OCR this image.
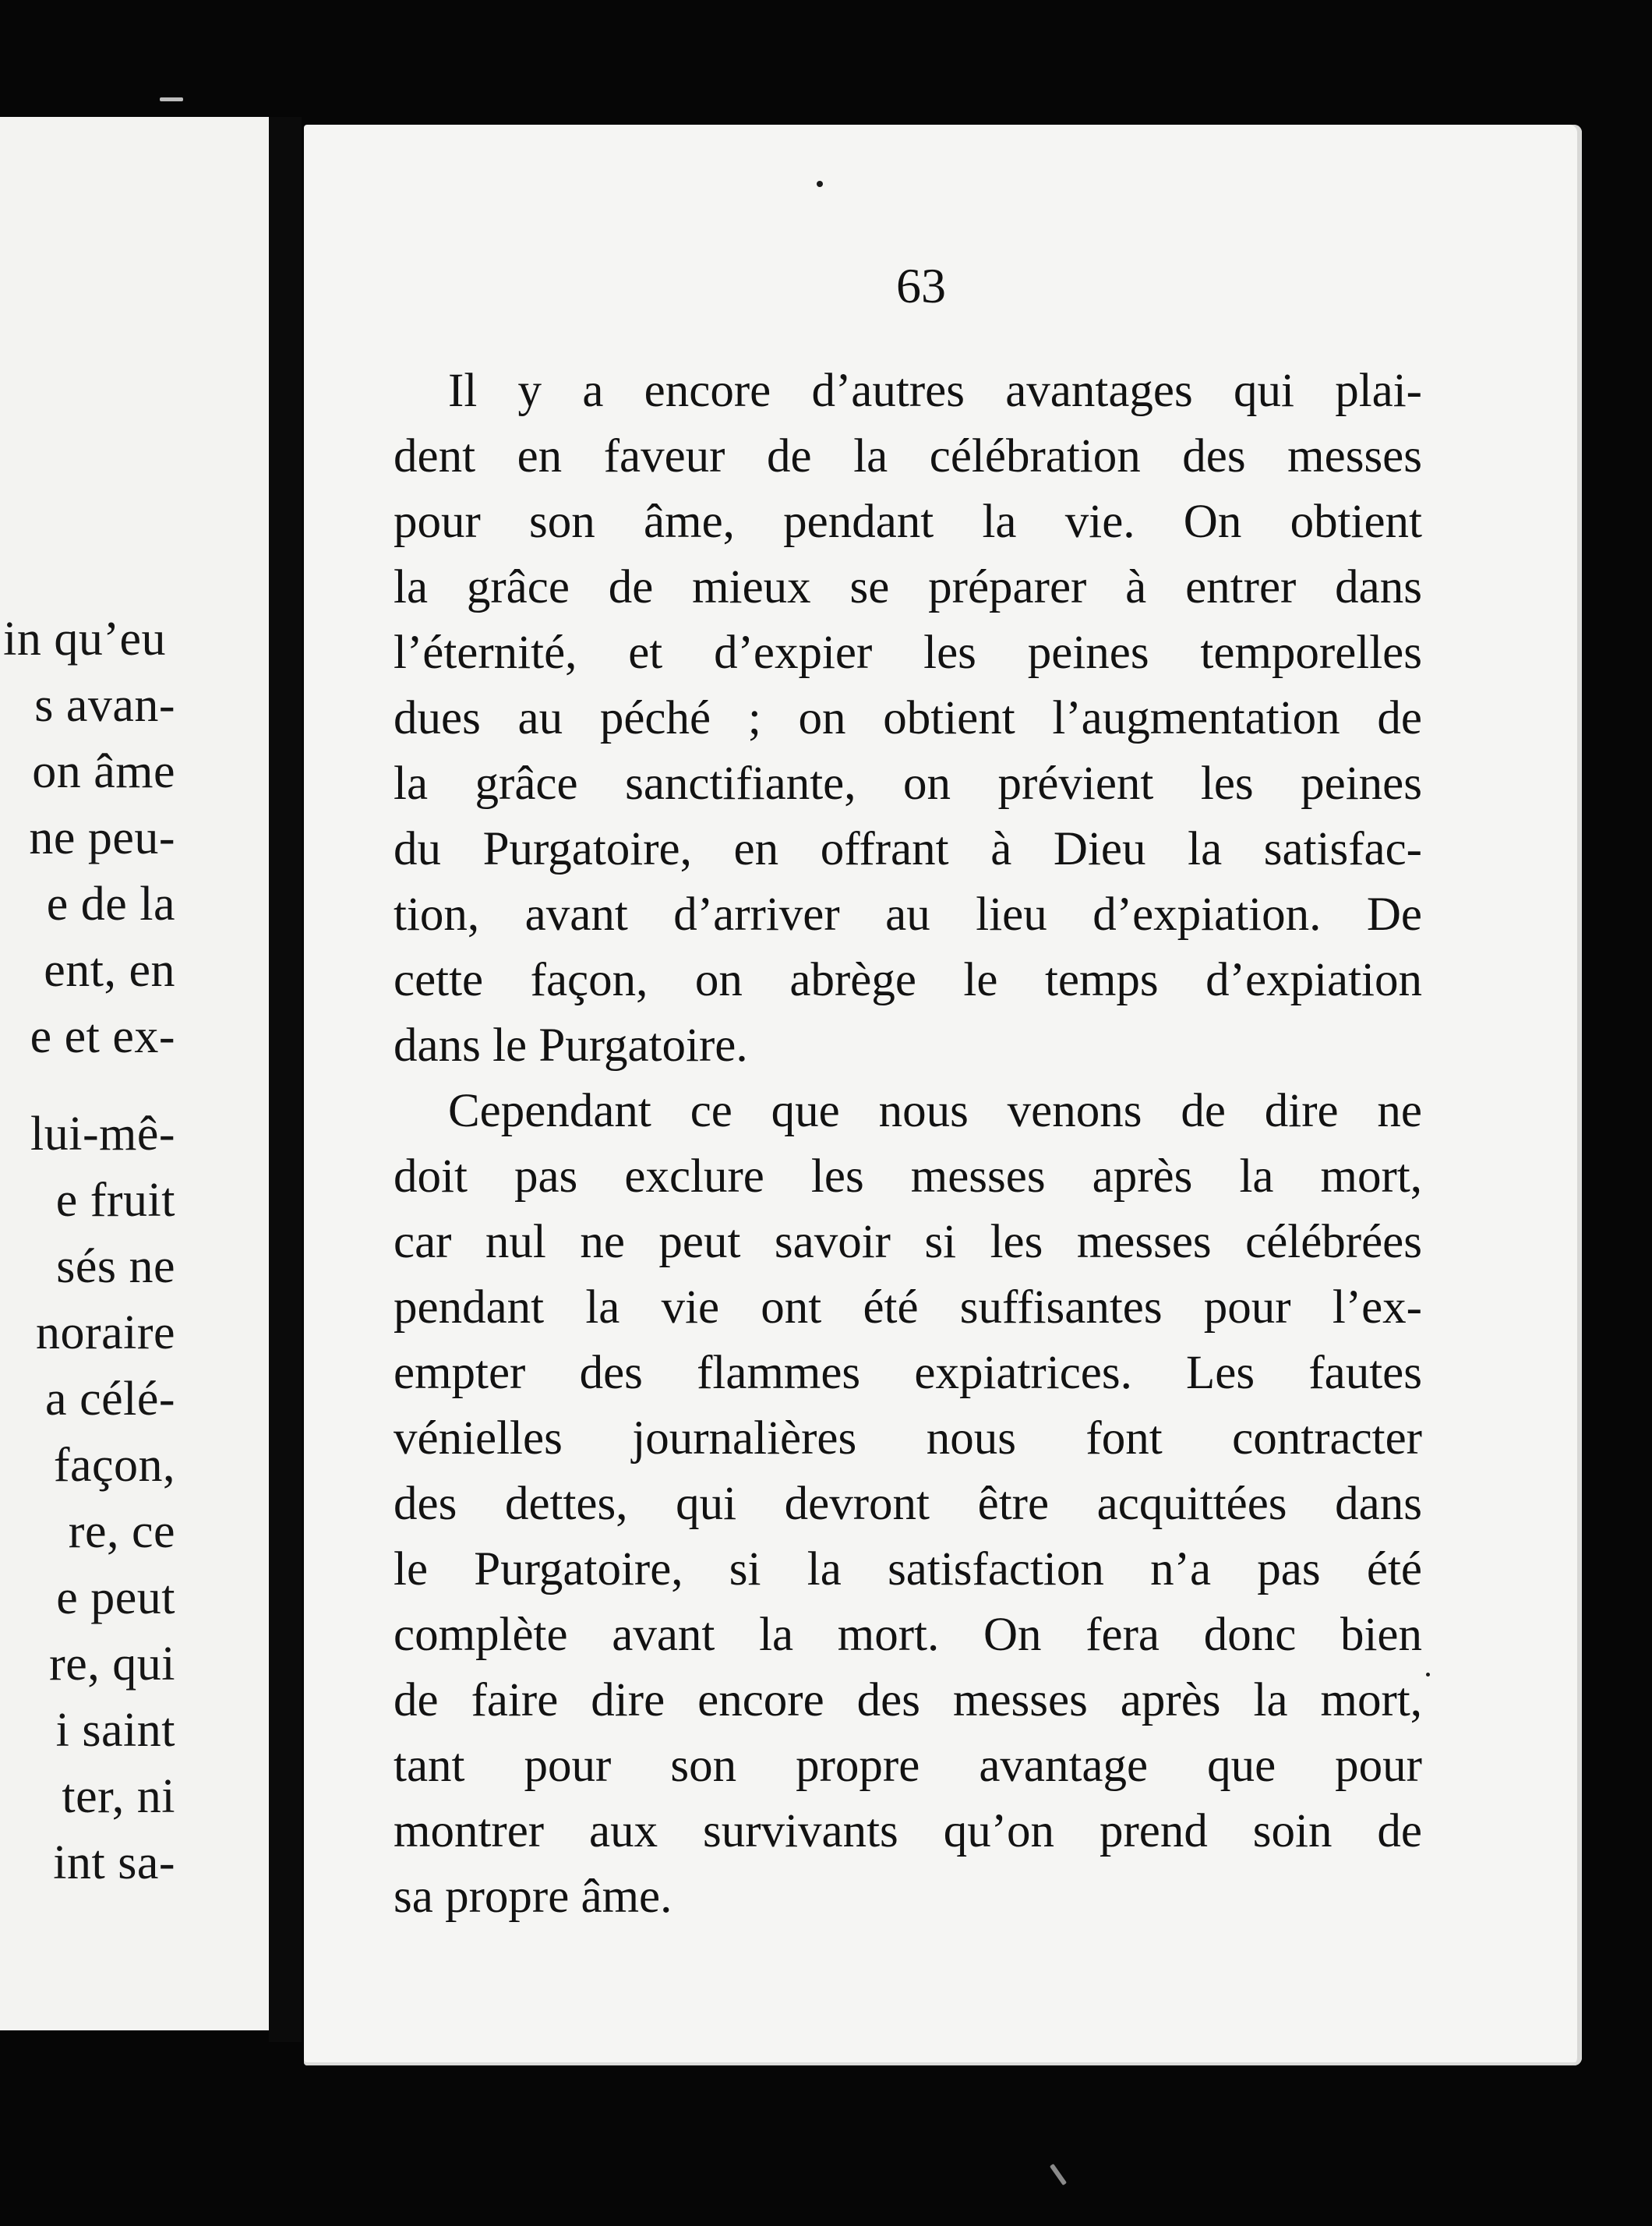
in qu’eu
s avan-
on âme
ne peu-
e de la
ent, en
e et ex-
lui-mê-
e fruit
sés ne
noraire
a célé-
façon,
re, ce
e peut
re, qui
i saint
ter, ni
int sa-
63
Il y a encore d’autres avantages qui plai-
dent en faveur de la célébration des messes
pour son âme, pendant la vie. On obtient
la grâce de mieux se préparer à entrer dans
l’éternité, et d’expier les peines temporelles
dues au péché ; on obtient l’augmentation de
la grâce sanctifiante, on prévient les peines
du Purgatoire, en offrant à Dieu la satisfac-
tion, avant d’arriver au lieu d’expiation. De
cette façon, on abrège le temps d’expiation
dans le Purgatoire.
Cependant ce que nous venons de dire ne
doit pas exclure les messes après la mort,
car nul ne peut savoir si les messes célébrées
pendant la vie ont été suffisantes pour l’ex-
empter des flammes expiatrices. Les fautes
vénielles journalières nous font contracter
des dettes, qui devront être acquittées dans
le Purgatoire, si la satisfaction n’a pas été
complète avant la mort. On fera donc bien
de faire dire encore des messes après la mort,
tant pour son propre avantage que pour
montrer aux survivants qu’on prend soin de
sa propre âme.
